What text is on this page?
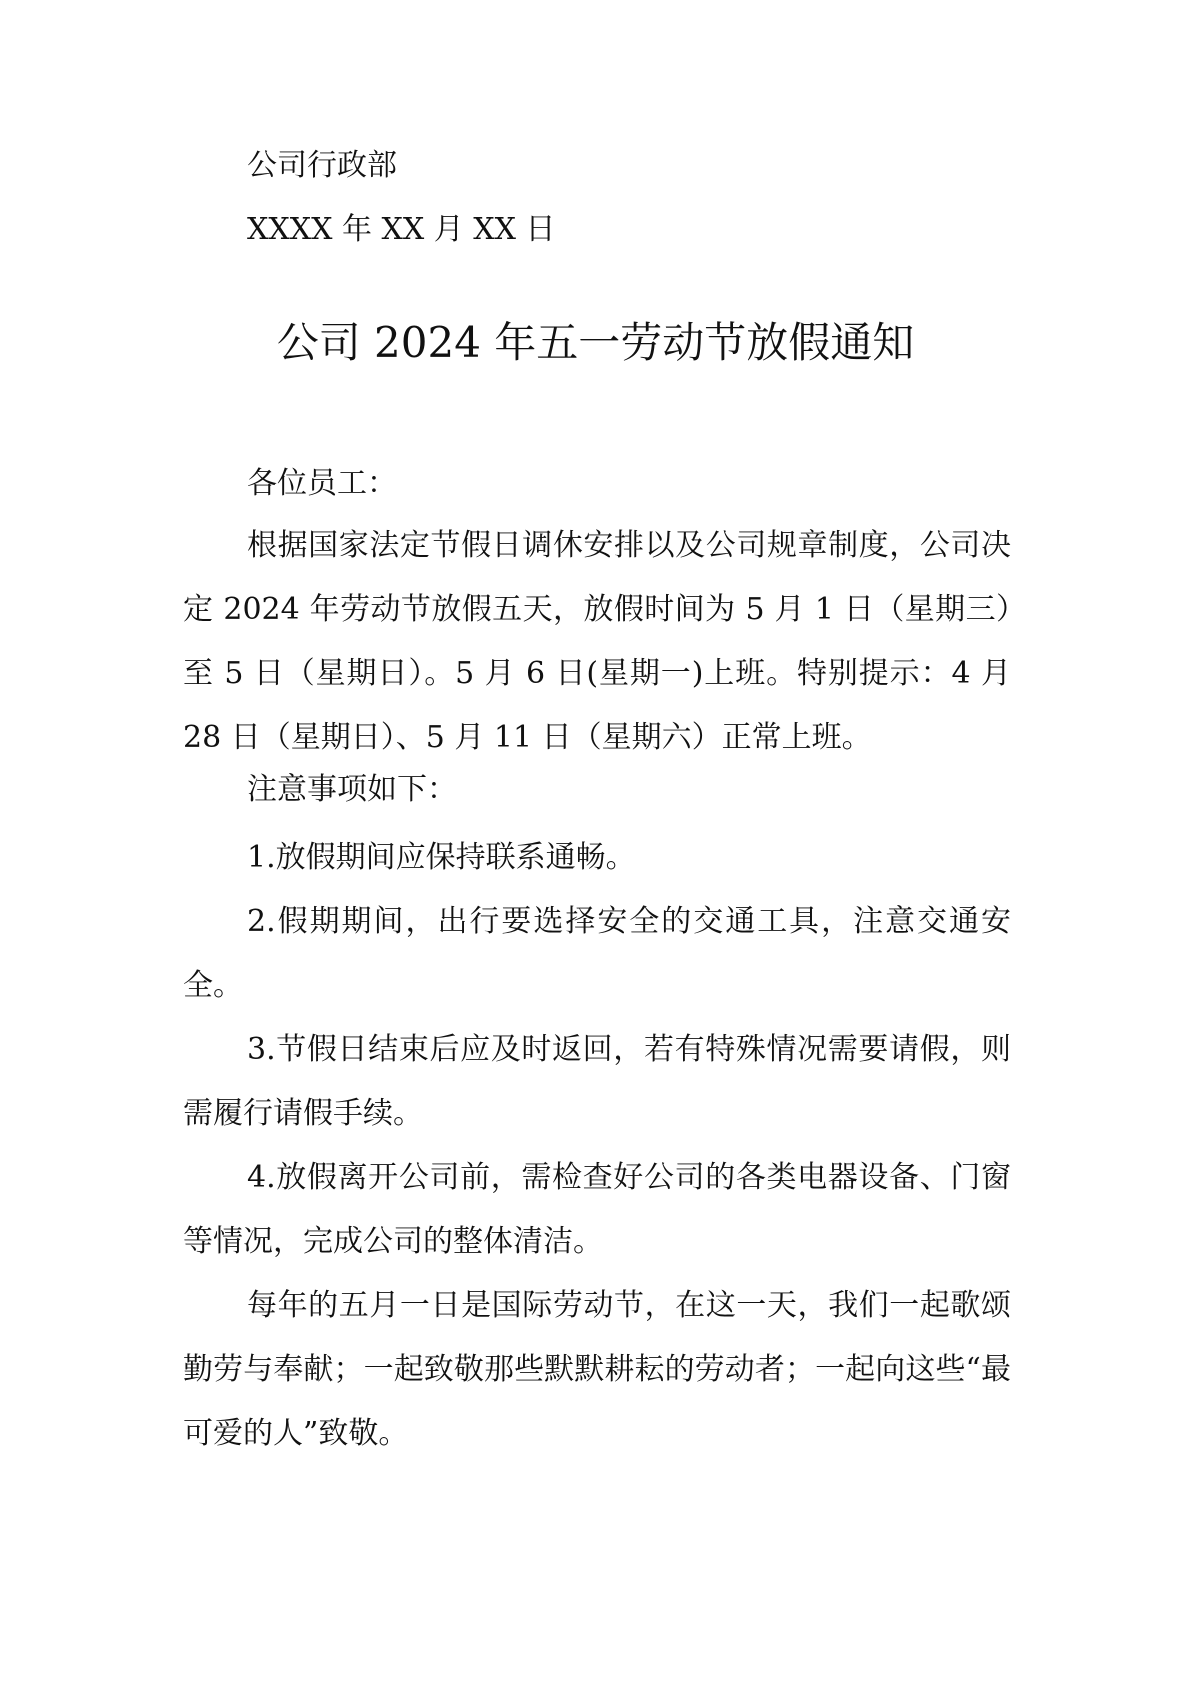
公司行政部
XXXX 年 XX 月 XX 日
公司 2024 年五一劳动节放假通知
各位员工：
根据国家法定节假日调休安排以及公司规章制度，公司决定 2024 年劳动节放假五天，放假时间为 5 月 1 日（星期三）至 5 日（星期日）。5 月 6 日(星期一)上班。特别提示：4 月 28 日（星期日）、5 月 11 日（星期六）正常上班。
注意事项如下：
1.放假期间应保持联系通畅。
2.假期期间，出行要选择安全的交通工具，注意交通安全。
3.节假日结束后应及时返回，若有特殊情况需要请假，则需履行请假手续。
4.放假离开公司前，需检查好公司的各类电器设备、门窗等情况，完成公司的整体清洁。
每年的五月一日是国际劳动节，在这一天，我们一起歌颂勤劳与奉献；一起致敬那些默默耕耘的劳动者；一起向这些“最可爱的人”致敬。
